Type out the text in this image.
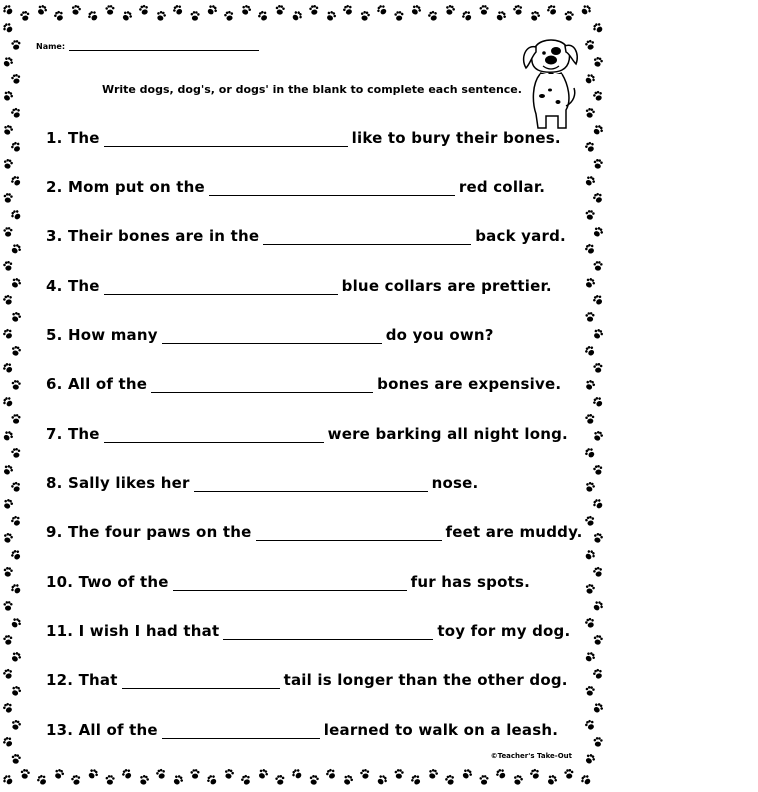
Name:
Write dogs, dog's, or dogs' in the blank to complete each sentence.
1. The	like to bury their bones.
2. Mom put on the	red collar.
3. Their bones are in the	back yard.
4. The	blue collars are prettier.
5. How many	do you own?
6. All of the	bones are expensive.
7. The	were barking all night long.
8. Sally likes her	nose.
9. The four paws on the	feet are muddy.
10. Two of the	fur has spots.
11. I wish I had that	toy for my dog.
12. That	tail is longer than the other dog.
13. All of the	learned to walk on a leash.
©Teacher's Take-Out
